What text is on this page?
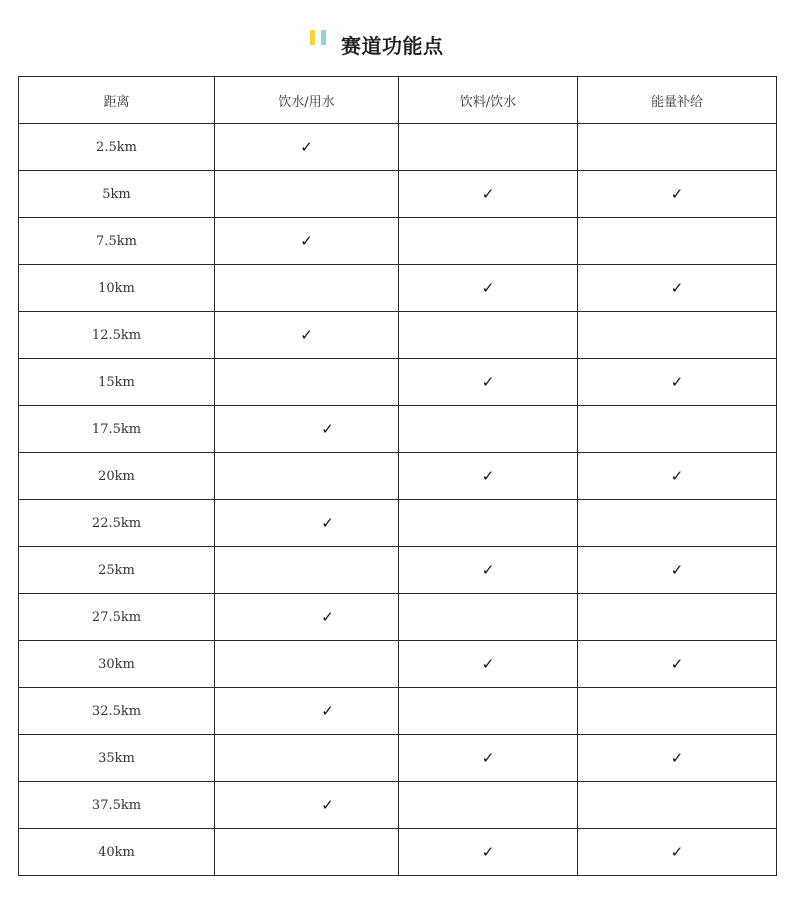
赛道功能点
距离	饮水/用水	饮料/饮水	能量补给
2.5km	✓		
5km		✓	✓
7.5km	✓		
10km		✓	✓
12.5km	✓		
15km		✓	✓
17.5km	✓		
20km		✓	✓
22.5km	✓		
25km		✓	✓
27.5km	✓		
30km		✓	✓
32.5km	✓		
35km		✓	✓
37.5km	✓		
40km		✓	✓
